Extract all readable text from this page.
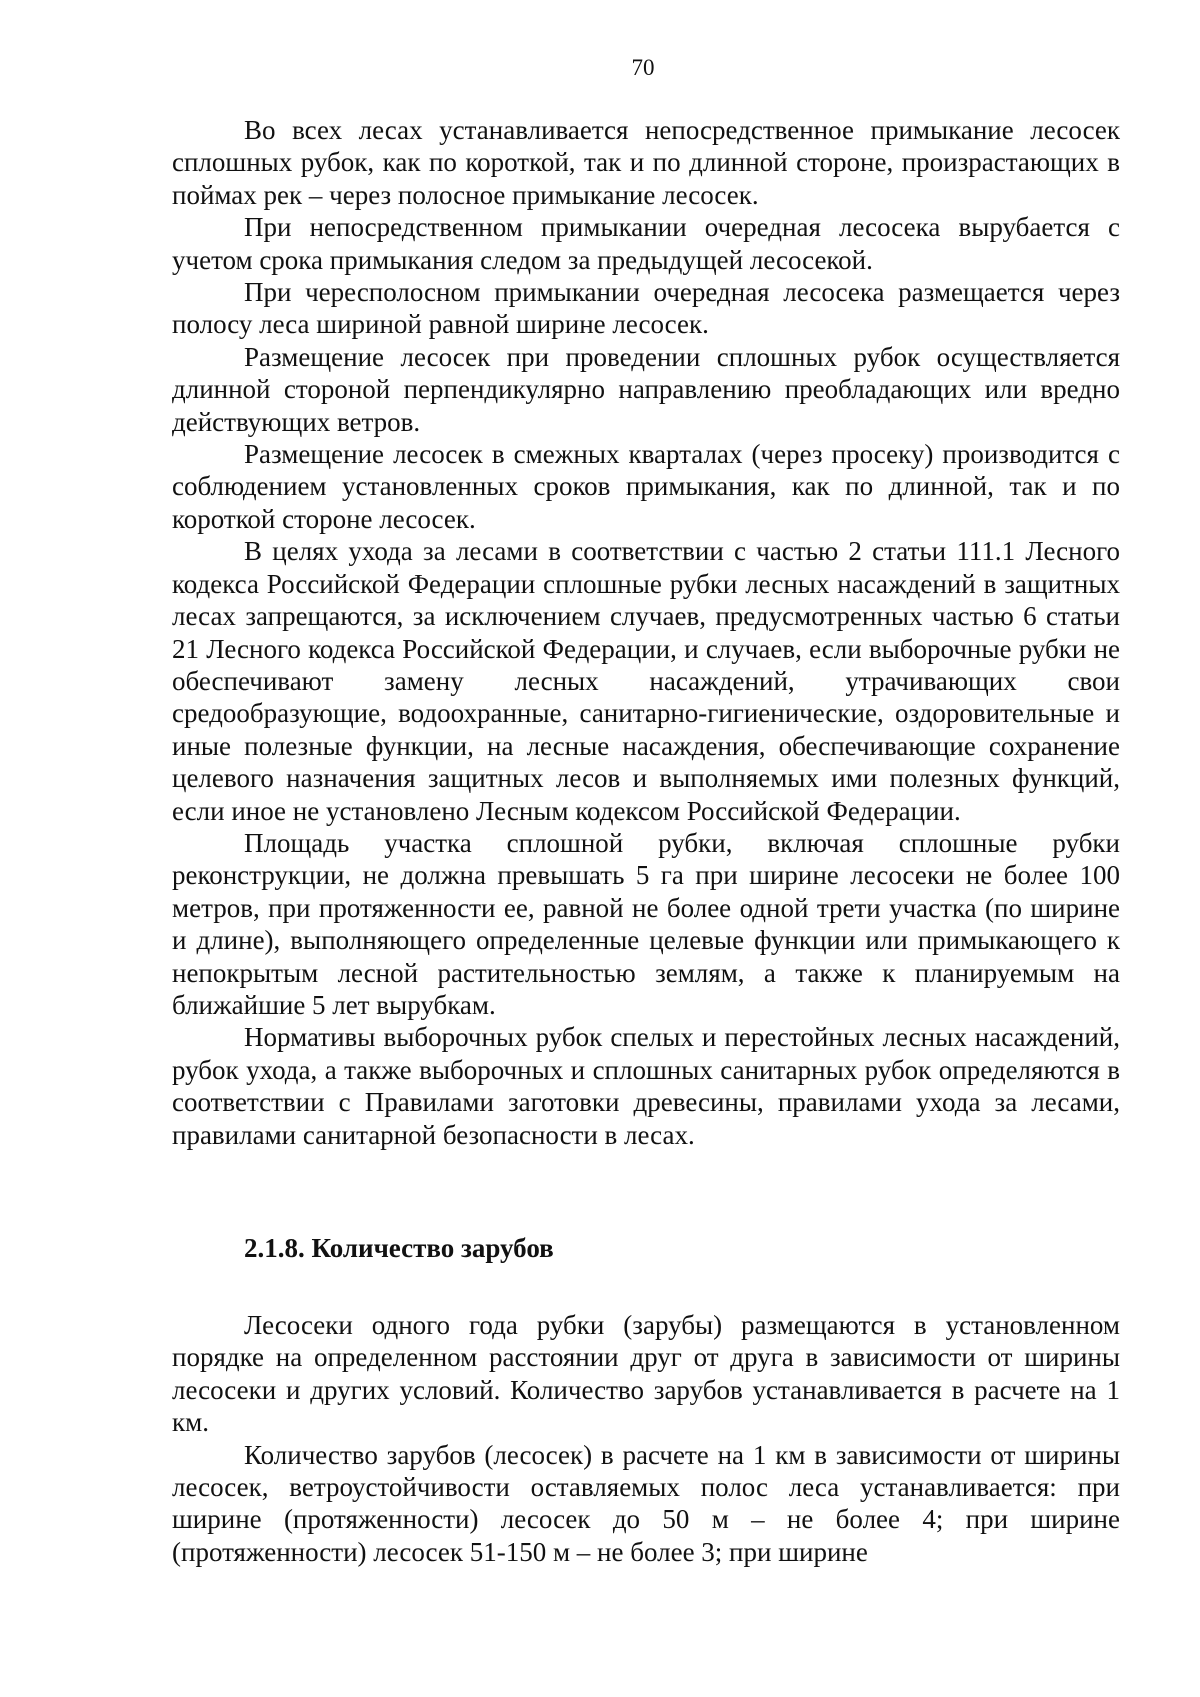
70

Во всех лесах устанавливается непосредственное примыкание лесосек сплошных рубок, как по короткой, так и по длинной стороне, произрастающих в поймах рек – через полосное примыкание лесосек.

При непосредственном примыкании очередная лесосека вырубается с учетом срока примыкания следом за предыдущей лесосекой.

При чересполосном примыкании очередная лесосека размещается через полосу леса шириной равной ширине лесосек.

Размещение лесосек при проведении сплошных рубок осуществляется длинной стороной перпендикулярно направлению преобладающих или вредно действующих ветров.

Размещение лесосек в смежных кварталах (через просеку) производится с соблюдением установленных сроков примыкания, как по длинной, так и по короткой стороне лесосек.

В целях ухода за лесами в соответствии с частью 2 статьи 111.1 Лесного кодекса Российской Федерации сплошные рубки лесных насаждений в защитных лесах запрещаются, за исключением случаев, предусмотренных частью 6 статьи 21 Лесного кодекса Российской Федерации, и случаев, если выборочные рубки не обеспечивают замену лесных насаждений, утрачивающих свои средообразующие, водоохранные, санитарно-гигиенические, оздоровительные и иные полезные функции, на лесные насаждения, обеспечивающие сохранение целевого назначения защитных лесов и выполняемых ими полезных функций, если иное не установлено Лесным кодексом Российской Федерации.

Площадь участка сплошной рубки, включая сплошные рубки реконструкции, не должна превышать 5 га при ширине лесосеки не более 100 метров, при протяженности ее, равной не более одной трети участка (по ширине и длине), выполняющего определенные целевые функции или примыкающего к непокрытым лесной растительностью землям, а также к планируемым на ближайшие 5 лет вырубкам.

Нормативы выборочных рубок спелых и перестойных лесных насаждений, рубок ухода, а также выборочных и сплошных санитарных рубок определяются в соответствии с Правилами заготовки древесины, правилами ухода за лесами, правилами санитарной безопасности в лесах.

2.1.8. Количество зарубов

Лесосеки одного года рубки (зарубы) размещаются в установленном порядке на определенном расстоянии друг от друга в зависимости от ширины лесосеки и других условий. Количество зарубов устанавливается в расчете на 1 км.

Количество зарубов (лесосек) в расчете на 1 км в зависимости от ширины лесосек, ветроустойчивости оставляемых полос леса устанавливается: при ширине (протяженности) лесосек до 50 м – не более 4; при ширине (протяженности) лесосек 51-150 м – не более 3; при ширине
